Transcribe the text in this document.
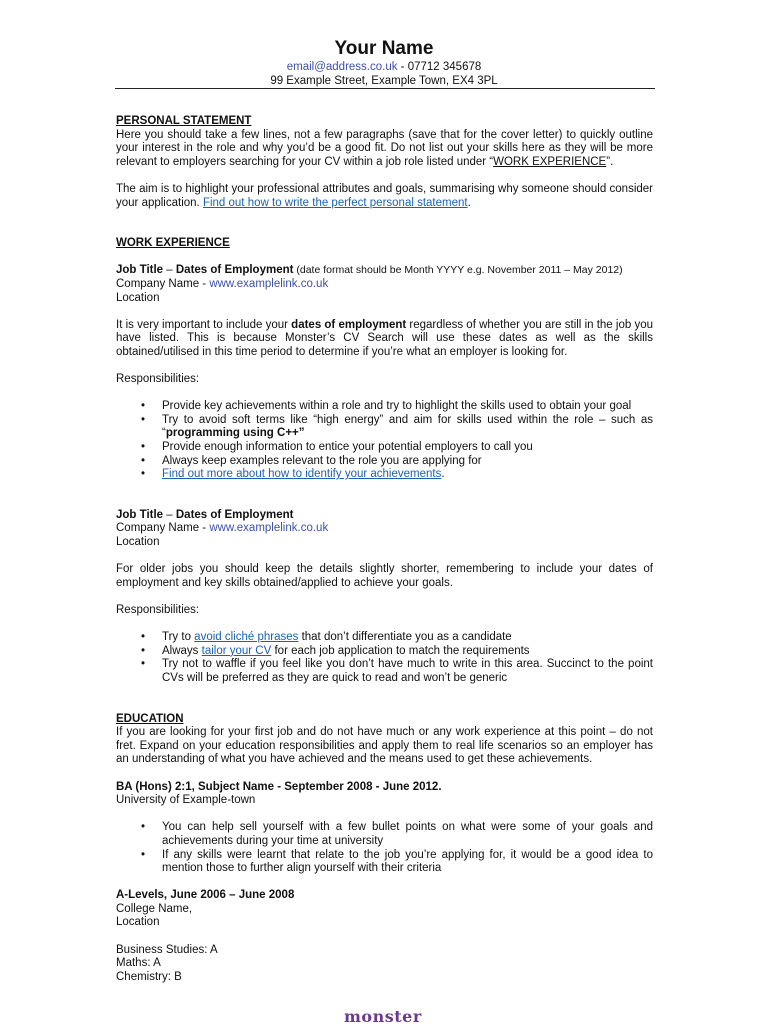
Your Name
email@address.co.uk - 07712 345678
99 Example Street, Example Town, EX4 3PL
PERSONAL STATEMENT

Here you should take a few lines, not a few paragraphs (save that for the cover letter) to quickly outline your interest in the role and why you’d be a good fit. Do not list out your skills here as they will be more relevant to employers searching for your CV within a job role listed under “WORK EXPERIENCE”.

The aim is to highlight your professional attributes and goals, summarising why someone should consider your application. Find out how to write the perfect personal statement.

WORK EXPERIENCE
Job Title – Dates of Employment (date format should be Month YYYY e.g. November 2011 – May 2012)
Company Name - www.examplelink.co.uk
Location

It is very important to include your dates of employment regardless of whether you are still in the job you have listed. This is because Monster’s CV Search will use these dates as well as the skills obtained/utilised in this time period to determine if you’re what an employer is looking for.

Responsibilities:
• Provide key achievements within a role and try to highlight the skills used to obtain your goal
• Try to avoid soft terms like “high energy” and aim for skills used within the role – such as “programming using C++”
• Provide enough information to entice your potential employers to call you
• Always keep examples relevant to the role you are applying for
• Find out more about how to identify your achievements.
Job Title – Dates of Employment
Company Name - www.examplelink.co.uk
Location

For older jobs you should keep the details slightly shorter, remembering to include your dates of employment and key skills obtained/applied to achieve your goals.

Responsibilities:
• Try to avoid cliché phrases that don’t differentiate you as a candidate
• Always tailor your CV for each job application to match the requirements
• Try not to waffle if you feel like you don’t have much to write in this area. Succinct to the point CVs will be preferred as they are quick to read and won’t be generic
EDUCATION

If you are looking for your first job and do not have much or any work experience at this point – do not fret. Expand on your education responsibilities and apply them to real life scenarios so an employer has an understanding of what you have achieved and the means used to get these achievements.

BA (Hons) 2:1, Subject Name - September 2008 - June 2012.
University of Example-town
• You can help sell yourself with a few bullet points on what were some of your goals and achievements during your time at university
• If any skills were learnt that relate to the job you’re applying for, it would be a good idea to mention those to further align yourself with their criteria
A-Levels, June 2006 – June 2008
College Name,
Location
Business Studies: A
Maths: A
Chemistry: B
monster
